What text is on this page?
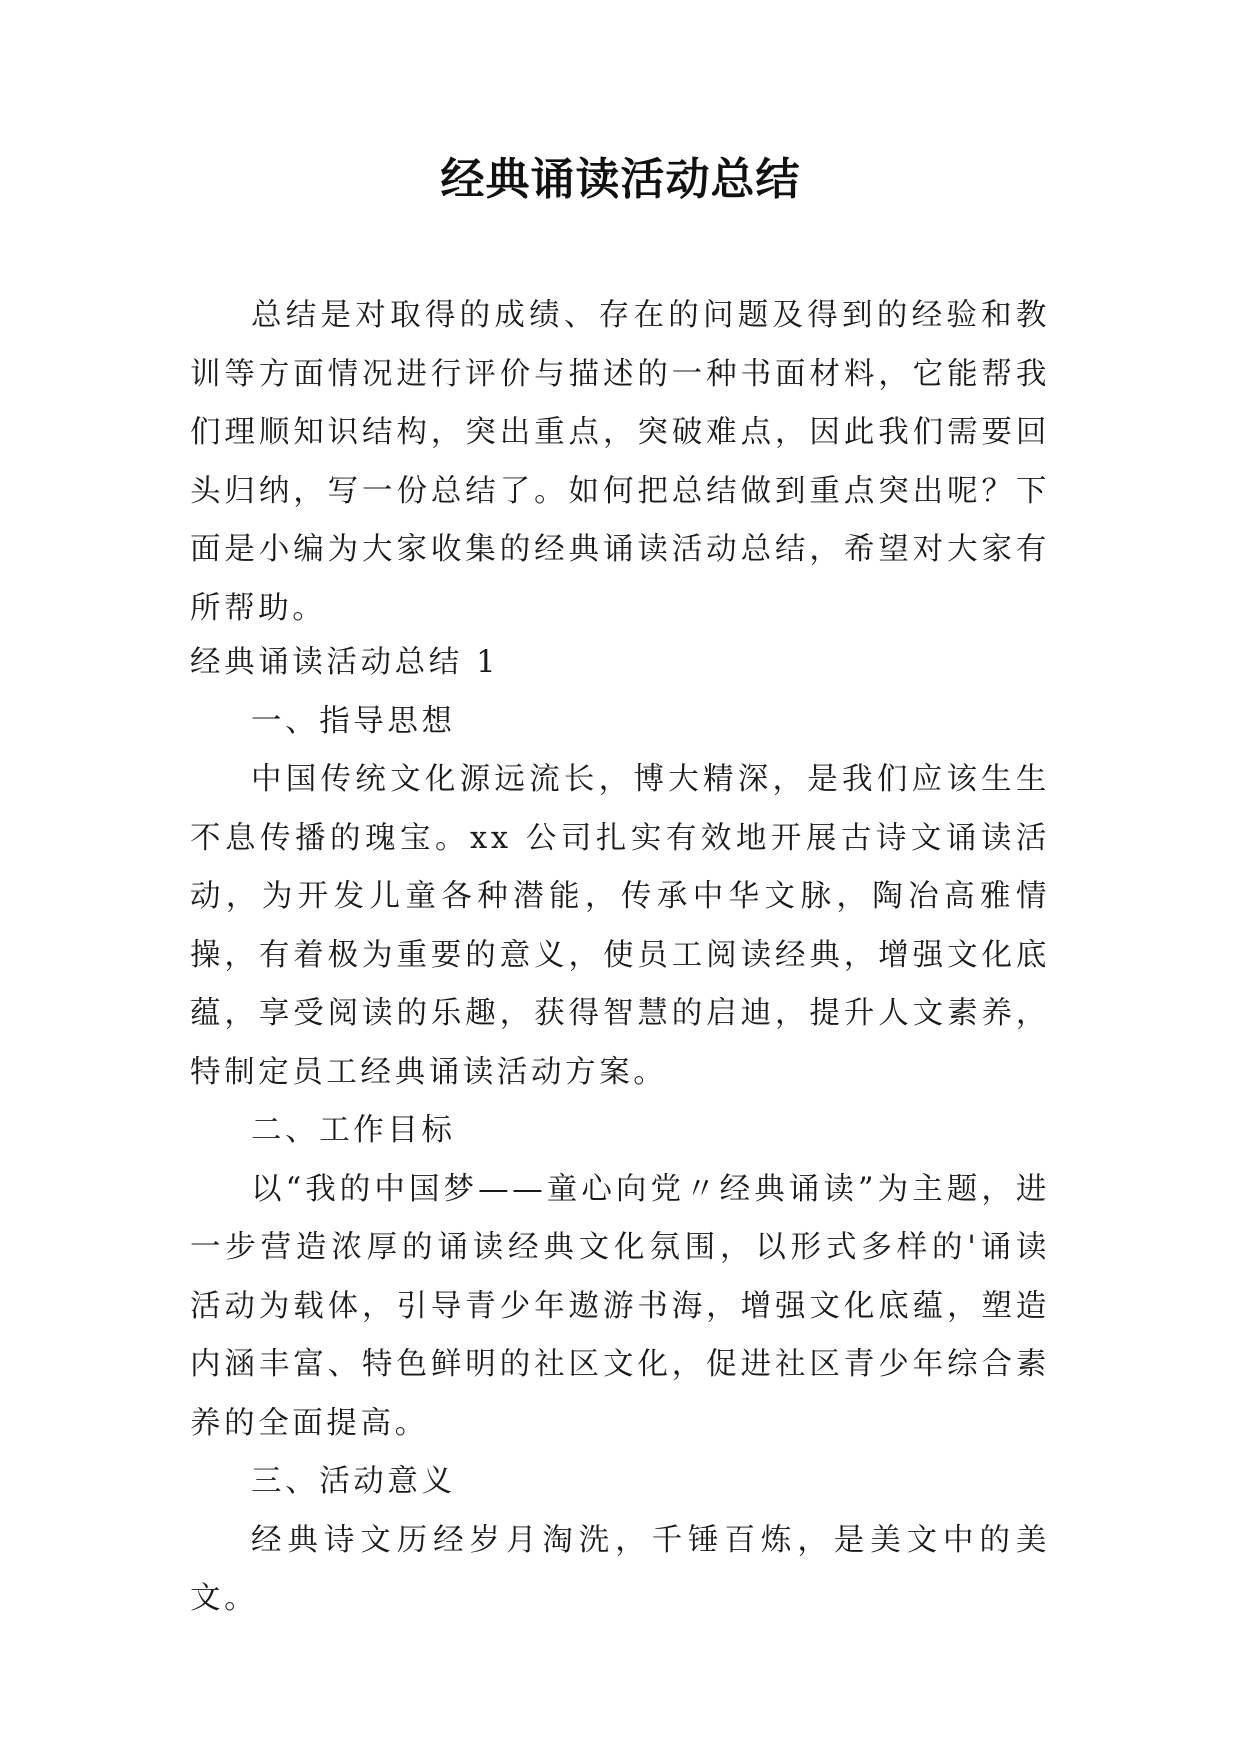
经典诵读活动总结

总结是对取得的成绩、存在的问题及得到的经验和教训等方面情况进行评价与描述的一种书面材料，它能帮我们理顺知识结构，突出重点，突破难点，因此我们需要回头归纳，写一份总结了。如何把总结做到重点突出呢？下面是小编为大家收集的经典诵读活动总结，希望对大家有所帮助。

经典诵读活动总结 1

一、指导思想

中国传统文化源远流长，博大精深，是我们应该生生不息传播的瑰宝。xx 公司扎实有效地开展古诗文诵读活动，为开发儿童各种潜能，传承中华文脉，陶冶高雅情操，有着极为重要的意义，使员工阅读经典，增强文化底蕴，享受阅读的乐趣，获得智慧的启迪，提升人文素养，特制定员工经典诵读活动方案。

二、工作目标

以“我的中国梦——童心向党〃经典诵读”为主题，进一步营造浓厚的诵读经典文化氛围，以形式多样的'诵读活动为载体，引导青少年遨游书海，增强文化底蕴，塑造内涵丰富、特色鲜明的社区文化，促进社区青少年综合素养的全面提高。

三、活动意义

经典诗文历经岁月淘洗，千锤百炼，是美文中的美文。
